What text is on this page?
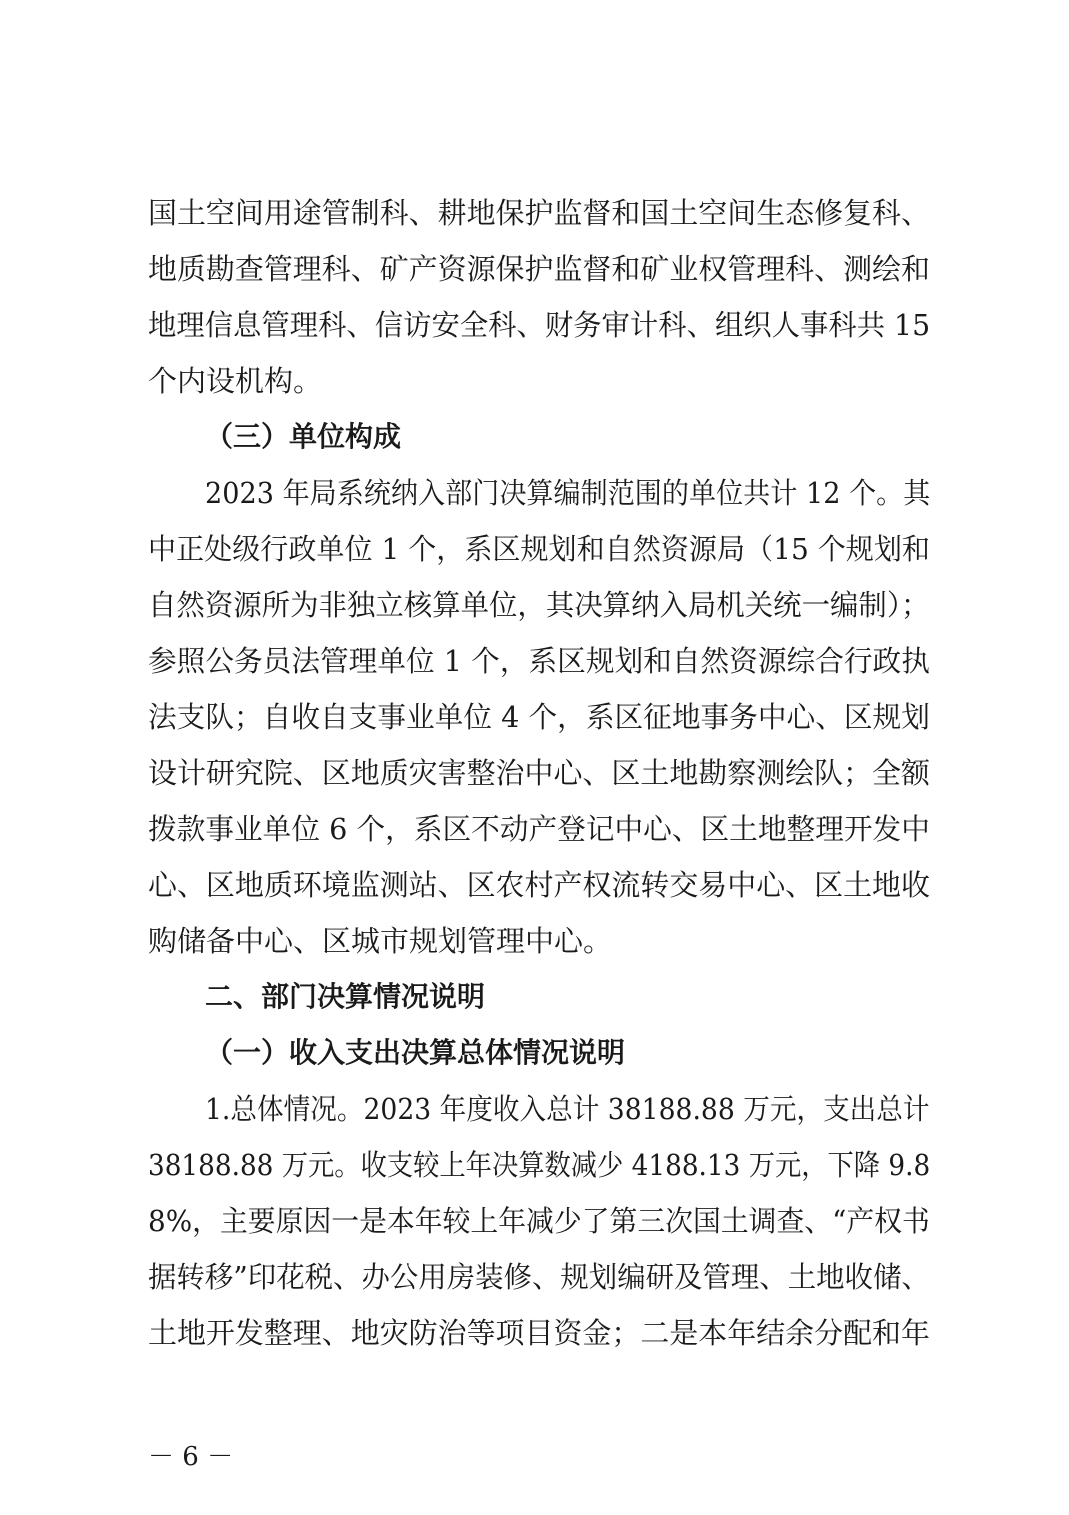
国土空间用途管制科、耕地保护监督和国土空间生态修复科、
地质勘查管理科、矿产资源保护监督和矿业权管理科、测绘和
地理信息管理科、信访安全科、财务审计科、组织人事科共 15
个内设机构。
（三）单位构成
2023 年局系统纳入部门决算编制范围的单位共计 12 个。其
中正处级行政单位 1 个，系区规划和自然资源局（15 个规划和
自然资源所为非独立核算单位，其决算纳入局机关统一编制）；
参照公务员法管理单位 1 个，系区规划和自然资源综合行政执
法支队；自收自支事业单位 4 个，系区征地事务中心、区规划
设计研究院、区地质灾害整治中心、区土地勘察测绘队；全额
拨款事业单位 6 个，系区不动产登记中心、区土地整理开发中
心、区地质环境监测站、区农村产权流转交易中心、区土地收
购储备中心、区城市规划管理中心。
二、部门决算情况说明
（一）收入支出决算总体情况说明
1.总体情况。2023 年度收入总计 38188.88 万元，支出总计
38188.88 万元。收支较上年决算数减少 4188.13 万元，下降 9.8
8%，主要原因一是本年较上年减少了第三次国土调查、“产权书
据转移”印花税、办公用房装修、规划编研及管理、土地收储、
土地开发整理、地灾防治等项目资金；二是本年结余分配和年
－ 6 －
